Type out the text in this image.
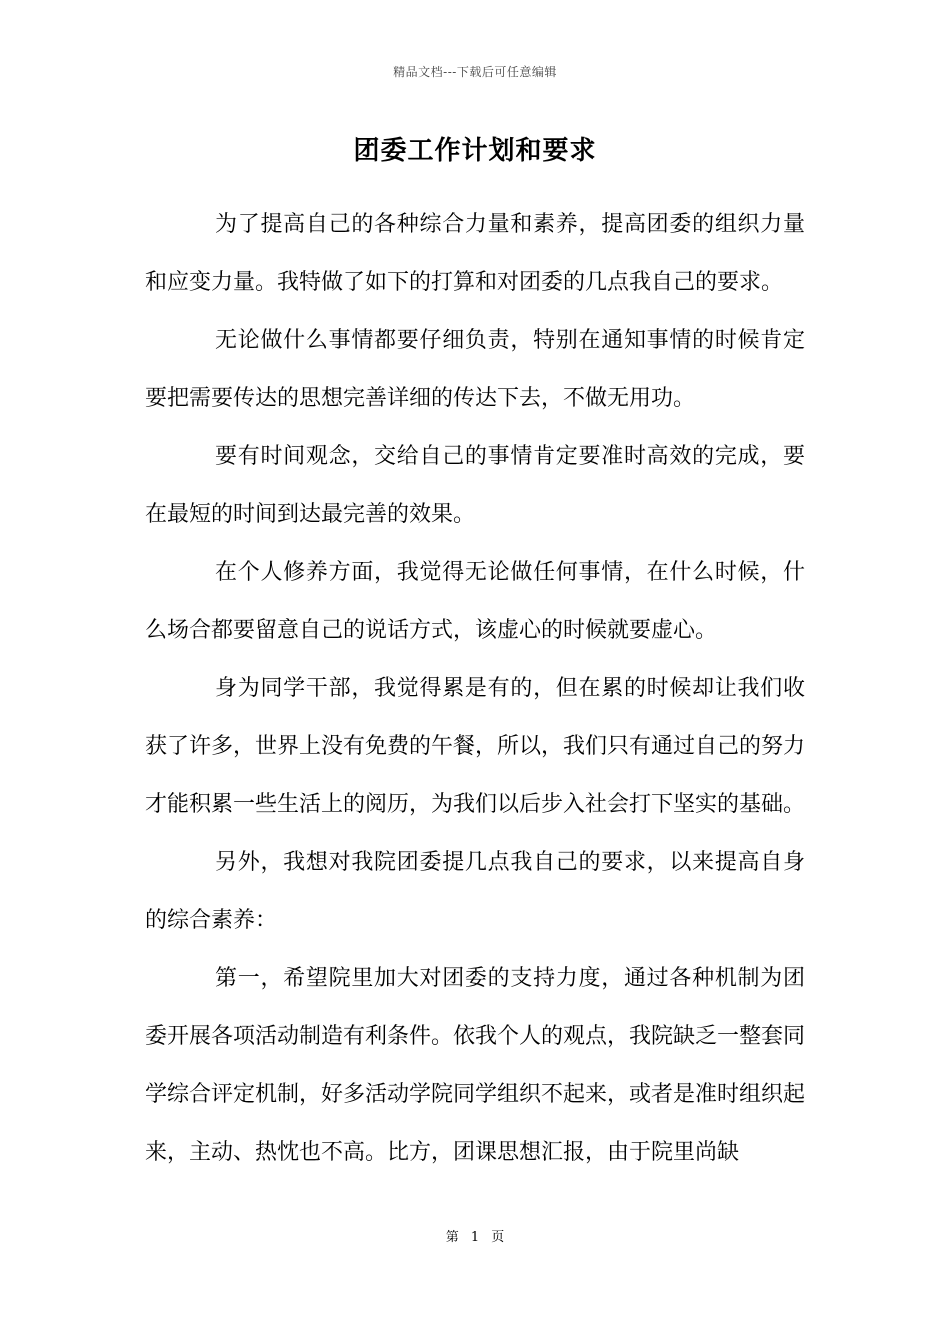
精品文档---下载后可任意编辑
团委工作计划和要求

为了提高自己的各种综合力量和素养，提高团委的组织力量和应变力量。我特做了如下的打算和对团委的几点我自己的要求。

无论做什么事情都要仔细负责，特别在通知事情的时候肯定要把需要传达的思想完善详细的传达下去，不做无用功。

要有时间观念，交给自己的事情肯定要准时高效的完成，要在最短的时间到达最完善的效果。

在个人修养方面，我觉得无论做任何事情，在什么时候，什么场合都要留意自己的说话方式，该虚心的时候就要虚心。

身为同学干部，我觉得累是有的，但在累的时候却让我们收获了许多，世界上没有免费的午餐，所以，我们只有通过自己的努力才能积累一些生活上的阅历，为我们以后步入社会打下坚实的基础。

另外，我想对我院团委提几点我自己的要求，以来提高自身的综合素养：

第一，希望院里加大对团委的支持力度，通过各种机制为团委开展各项活动制造有利条件。依我个人的观点，我院缺乏一整套同学综合评定机制，好多活动学院同学组织不起来，或者是准时组织起来，主动、热忱也不高。比方，团课思想汇报，由于院里尚缺

第 1 页
